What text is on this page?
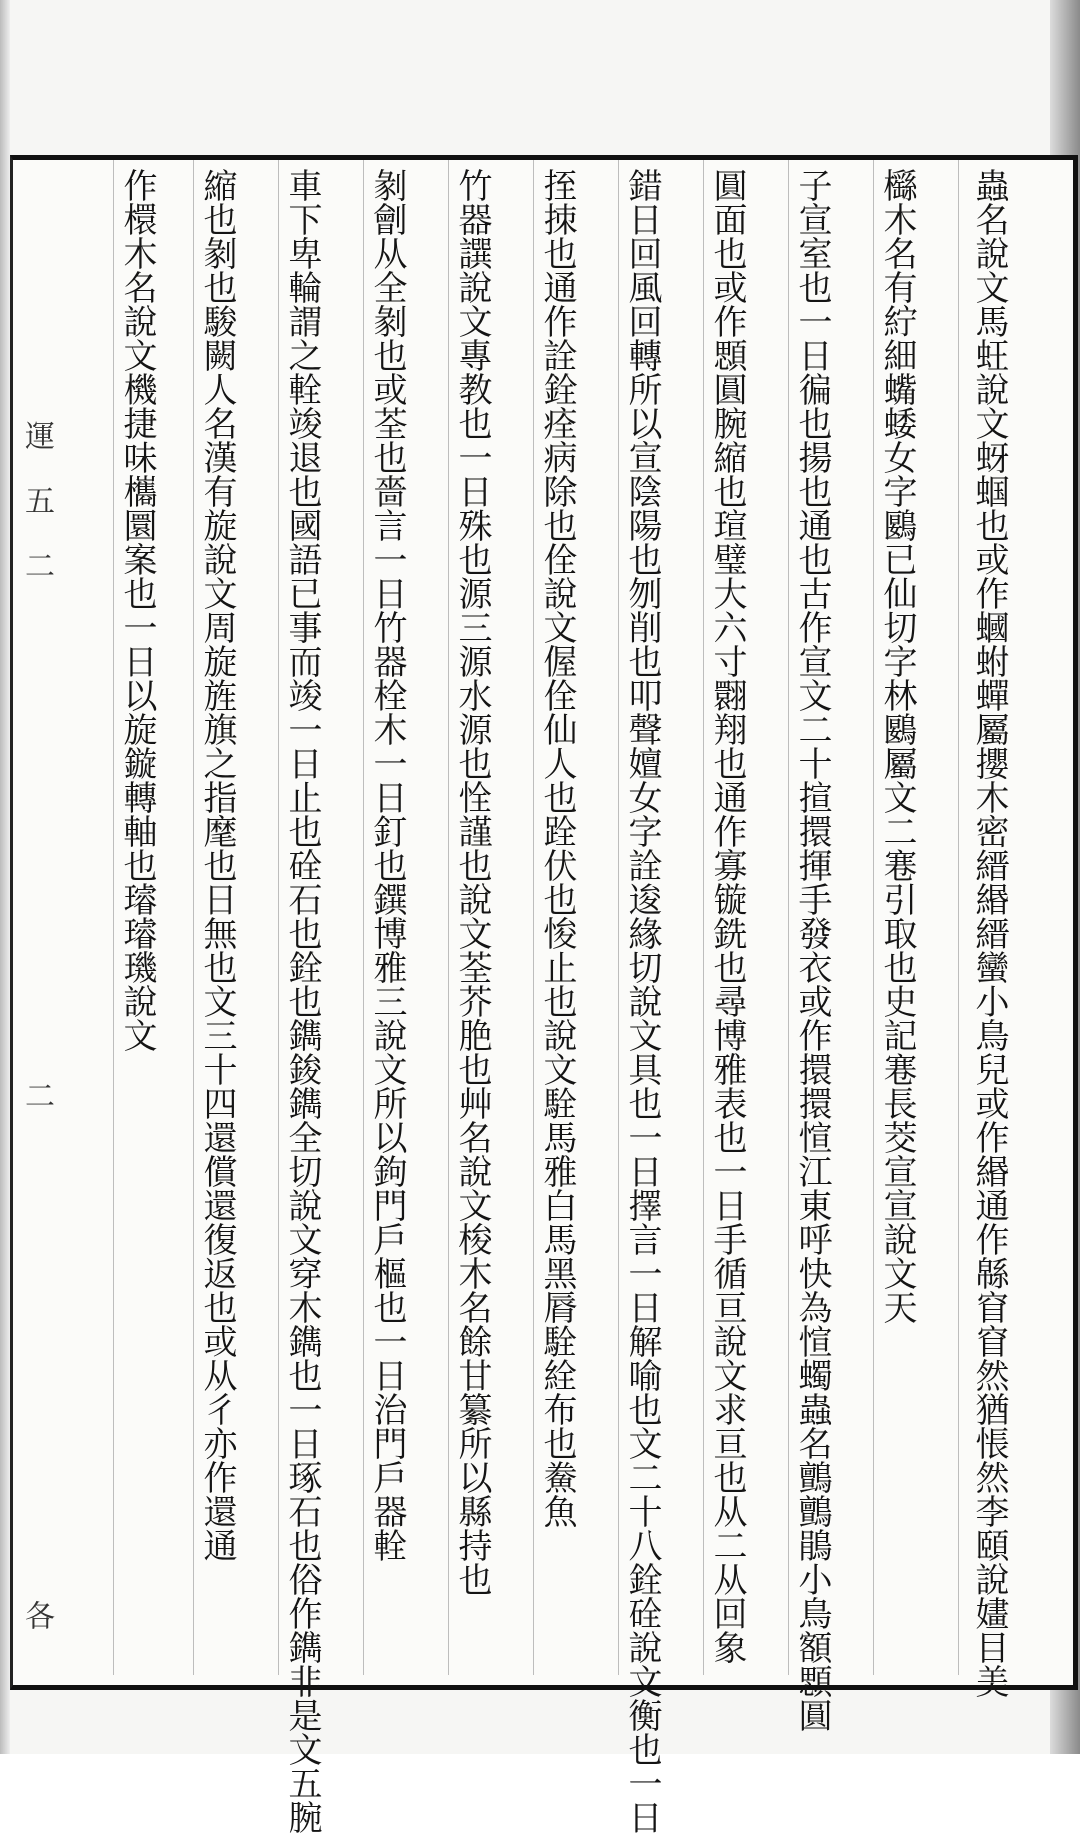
蟲名說文馬蚟說文蚜蝈也或作蟈蚹蟬屬攖木密縉緡縉蠻小鳥兒或作緡通作緜窅窅然猶悵然李頤說嫿目美
櫾木名有紵細蟕蜲女字鶠已仙切字林鶠屬文二寋引取也史記寋長茭宣宣說文天
子宣室也一日徧也揚也通也古作宣文二十揎擐揮手發衣或作擐擐愃江東呼快為愃蠋蟲名鸇鸇鵑小鳥額顋圓
圓面也或作顋圓腕縮也瑄璧大六寸翾翔也通作寡镟銑也尋博雅表也一日手循亘說文求亘也从二从回象
錯日回風回轉所以宣陰陽也刎削也叩聲嬗女字詮逡緣切說文具也一日擇言一日解喻也文二十八銓硂說文衡也一日
挃拺也通作詮銓痊病除也佺說文偓佺仙人也跧伏也悛止也說文駩馬雅白馬黑脣駩絟布也鮝魚
竹器譔說文專教也一日殊也源三源水源也恮謹也說文荃芥脃也艸名說文梭木名餘甘纂所以縣持也
剶劊从全剶也或荃也嗇言一日竹器栓木一日釘也鐉博雅三說文所以鉤門戶樞也一日治門戶器輇
車下卑輪謂之輇竣退也國語已事而竣一日止也硂石也銓也鐫鋑鐫全切說文穿木鐫也一日琢石也俗作鐫非是文五腕
縮也剶也駿闕人名漢有旋說文周旋旌旗之指麾也日無也文三十四還償還復返也或从彳亦作還通
作檈木名說文機捷味欈圜案也一日以旋鏇轉軸也璿璿璣說文
運 五 二
二
各
